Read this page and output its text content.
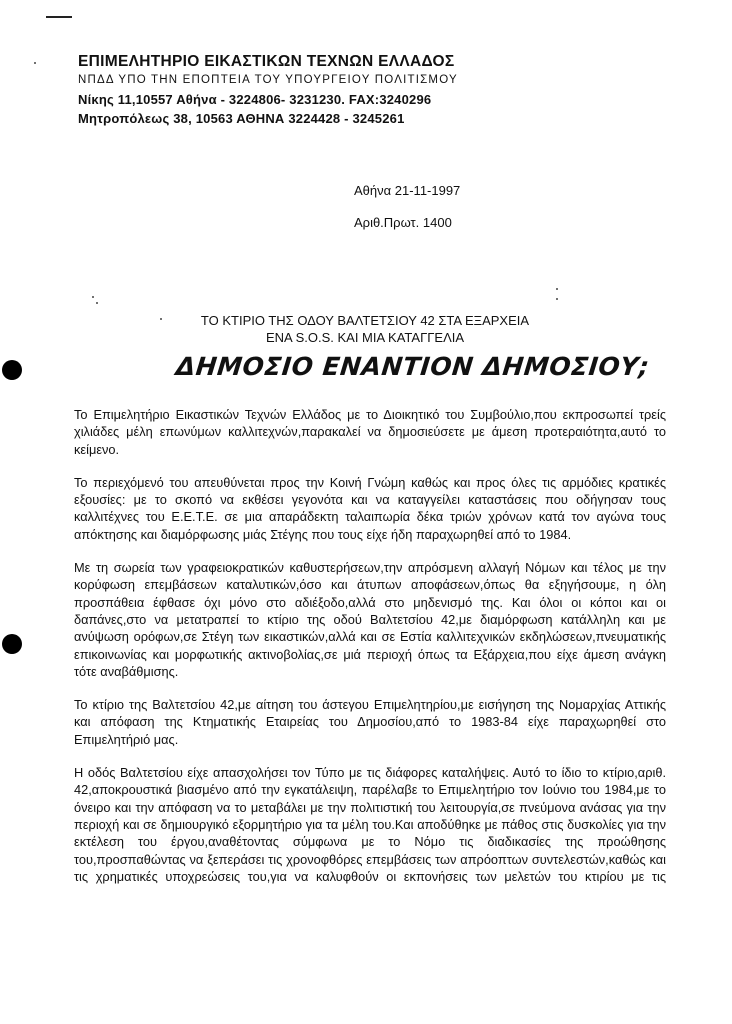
ΕΠΙΜΕΛΗΤΗΡΙΟ ΕΙΚΑΣΤΙΚΩΝ ΤΕΧΝΩΝ ΕΛΛΑΔΟΣ
ΝΠΔΔ ΥΠΟ ΤΗΝ ΕΠΟΠΤΕΙΑ ΤΟΥ ΥΠΟΥΡΓΕΙΟΥ ΠΟΛΙΤΙΣΜΟΥ
Νίκης 11,10557 Αθήνα - 3224806- 3231230. FAX:3240296
Μητροπόλεως 38, 10563 ΑΘΗΝΑ 3224428 - 3245261
Αθήνα 21-11-1997
Αριθ.Πρωτ. 1400
ΤΟ ΚΤΙΡΙΟ ΤΗΣ ΟΔΟΥ ΒΑΛΤΕΤΣΙΟΥ 42 ΣΤΑ ΕΞΑΡΧΕΙΑ
ΕΝΑ S.O.S. ΚΑΙ ΜΙΑ ΚΑΤΑΓΓΕΛΙΑ
ΔΗΜΟΣΙΟ ΕΝΑΝΤΙΟΝ ΔΗΜΟΣΙΟΥ;

Το Επιμελητήριο Εικαστικών Τεχνών Ελλάδος με το Διοικητικό του Συμβούλιο,που εκπροσωπεί τρείς χιλιάδες μέλη επωνύμων καλλιτεχνών,παρακαλεί να δημοσιεύσετε με άμεση προτεραιότητα,αυτό το κείμενο.

Το περιεχόμενό του απευθύνεται προς την Κοινή Γνώμη καθώς και προς όλες τις αρμόδιες κρατικές εξουσίες: με το σκοπό να εκθέσει γεγονότα και να καταγγείλει καταστάσεις που οδήγησαν τους καλλιτέχνες του Ε.Ε.Τ.Ε. σε μια απαράδεκτη ταλαιπωρία δέκα τριών χρόνων κατά τον αγώνα τους απόκτησης και διαμόρφωσης μιάς Στέγης που τους είχε ήδη παραχωρηθεί από το 1984.

Με τη σωρεία των γραφειοκρατικών καθυστερήσεων,την απρόσμενη αλλαγή Νόμων και τέλος με την κορύφωση επεμβάσεων καταλυτικών,όσο και άτυπων αποφάσεων,όπως θα εξηγήσουμε, η όλη προσπάθεια έφθασε όχι μόνο στο αδιέξοδο,αλλά στο μηδενισμό της. Και όλοι οι κόποι και οι δαπάνες,στο να μετατραπεί το κτίριο της οδού Βαλτετσίου 42,με διαμόρφωση κατάλληλη και με ανύψωση ορόφων,σε Στέγη των εικαστικών,αλλά και σε Εστία καλλιτεχνικών εκδηλώσεων,πνευματικής επικοινωνίας και μορφωτικής ακτινοβολίας,σε μιά περιοχή όπως τα Εξάρχεια,που είχε άμεση ανάγκη τότε αναβάθμισης.

Το κτίριο της Βαλτετσίου 42,με αίτηση του άστεγου Επιμελητηρίου,με εισήγηση της Νομαρχίας Αττικής και απόφαση της Κτηματικής Εταιρείας του Δημοσίου,από το 1983-84 είχε παραχωρηθεί στο Επιμελητήριό μας.

Η οδός Βαλτετσίου είχε απασχολήσει τον Τύπο με τις διάφορες καταλήψεις. Αυτό το ίδιο το κτίριο,αριθ. 42,αποκρουστικά βιασμένο από την εγκατάλειψη, παρέλαβε το Επιμελητήριο τον Ιούνιο του 1984,με το όνειρο και την απόφαση να το μεταβάλει με την πολιτιστική του λειτουργία,σε πνεύμονα ανάσας για την περιοχή και σε δημιουργικό εξορμητήριο για τα μέλη του.Και αποδύθηκε με πάθος στις δυσκολίες για την εκτέλεση του έργου,αναθέτοντας σύμφωνα με το Νόμο τις διαδικασίες της προώθησης του,προσπαθώντας να ξεπεράσει τις χρονοφθόρες επεμβάσεις των απρόοπτων συντελεστών,καθώς και τις χρηματικές υποχρεώσεις του,για να καλυφθούν οι εκπονήσεις των μελετών του κτιρίου με τις
